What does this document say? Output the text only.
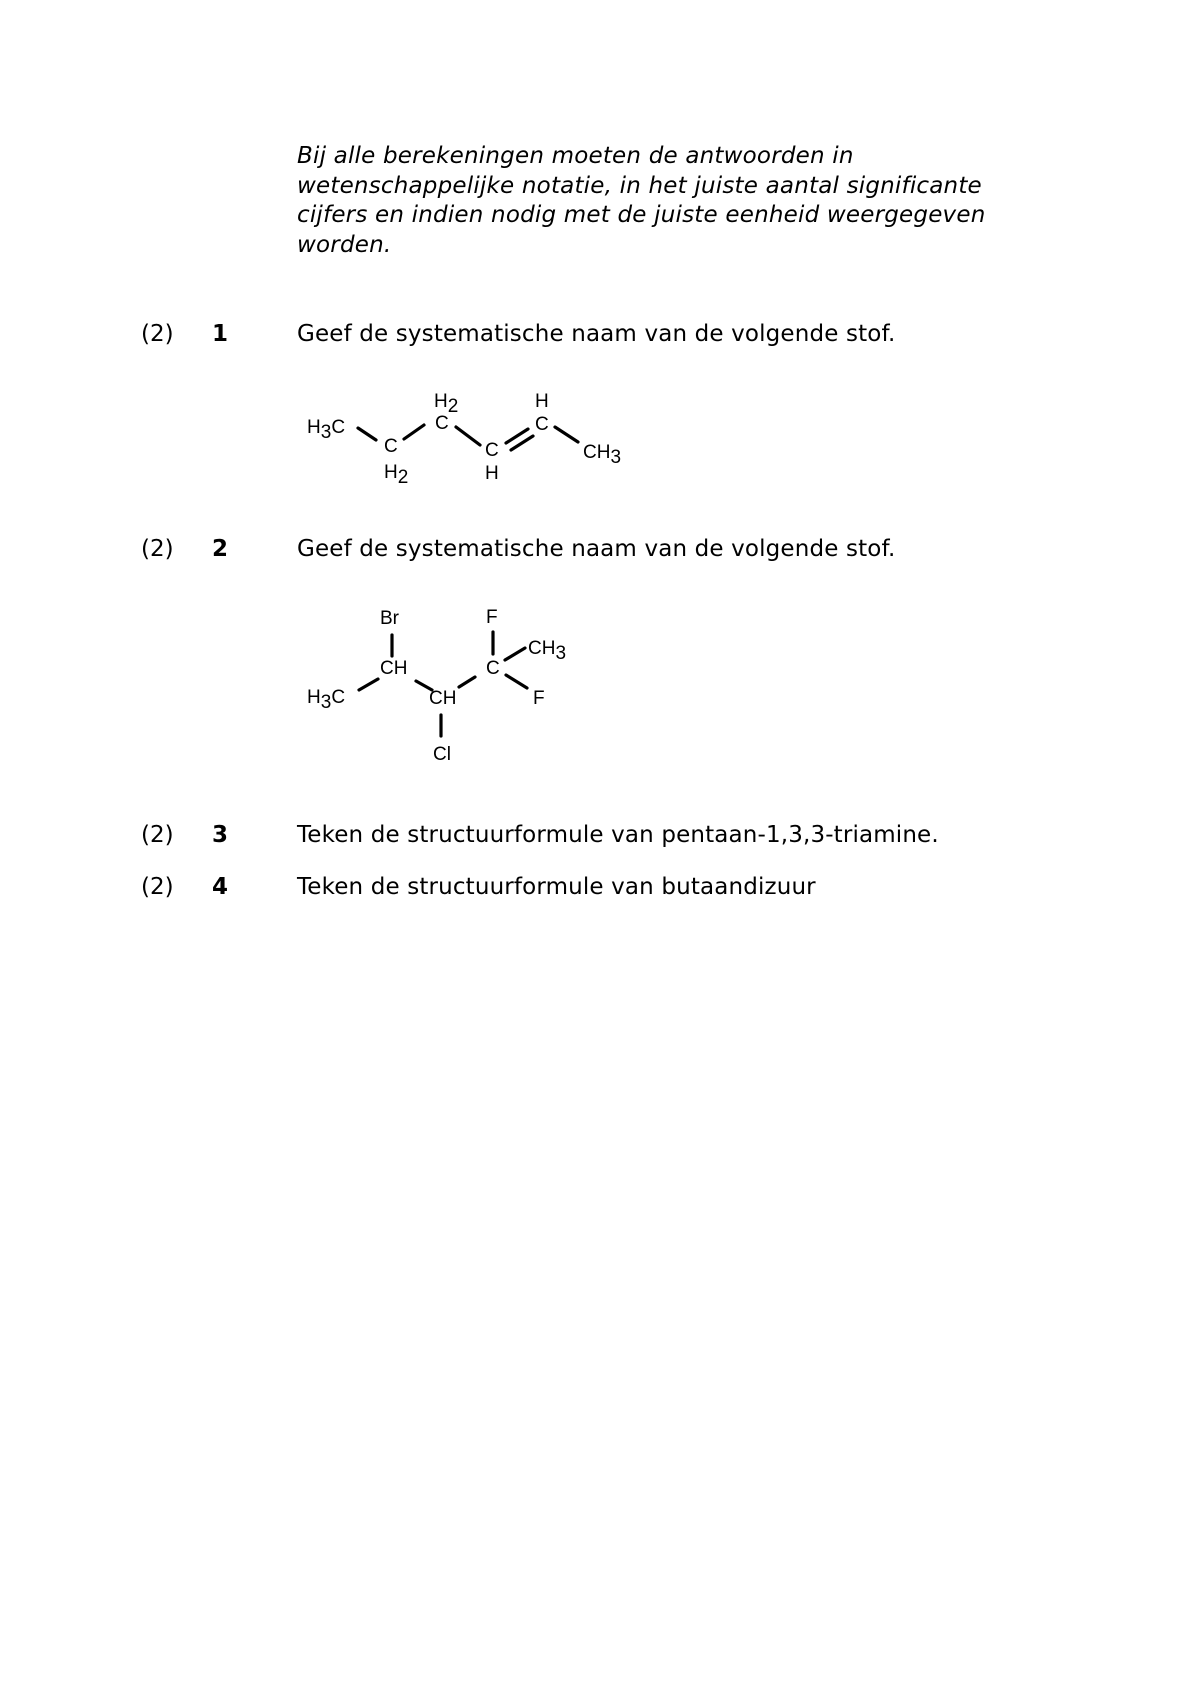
Bij alle berekeningen moeten de antwoorden in wetenschappelijke notatie, in het juiste aantal significante cijfers en indien nodig met de juiste eenheid weergegeven worden.
(2) 1	Geef de systematische naam van de volgende stof.
H3C
C
H2
H2
C
C
H
H
C
CH3
(2) 2	Geef de systematische naam van de volgende stof.
Br	F
CH3
CH	C
H3C	CH	F
Cl
(2) 3	Teken de structuurformule van pentaan-1,3,3-triamine.
(2) 4	Teken de structuurformule van butaandizuur
